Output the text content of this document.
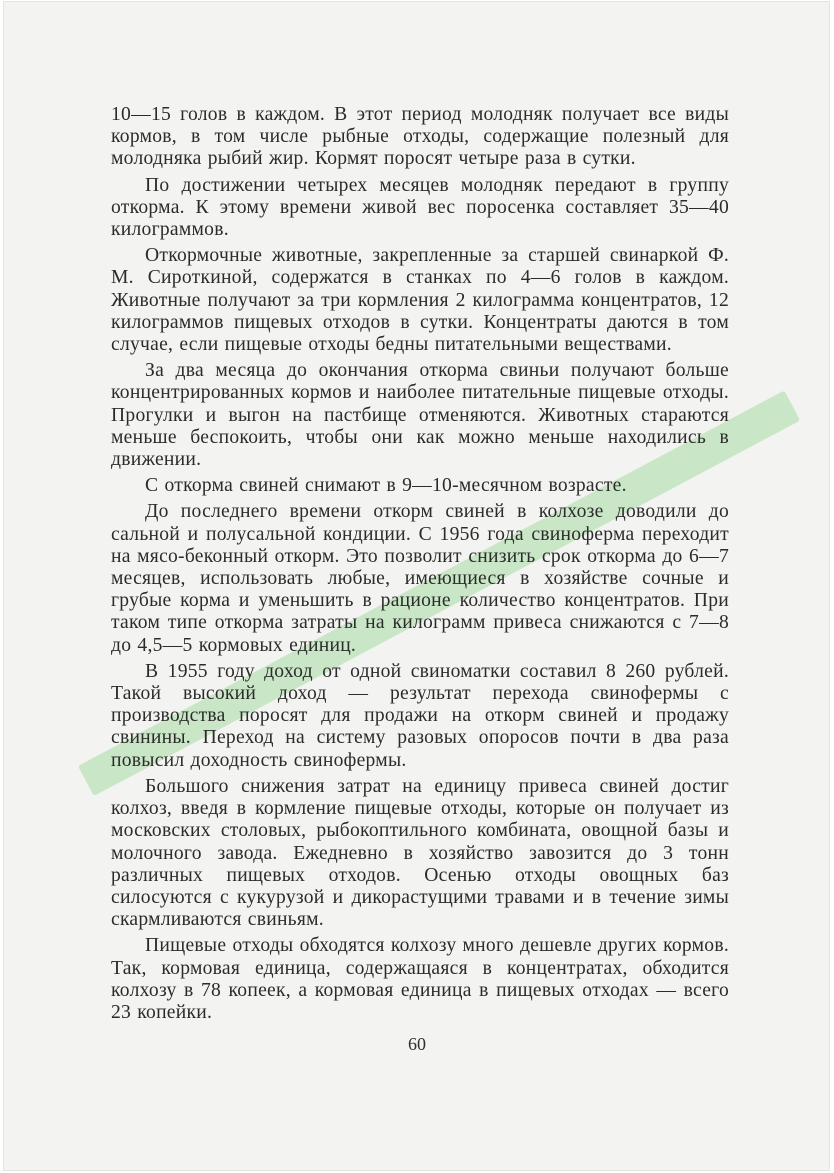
10—15 голов в каждом. В этот период молодняк получает все виды кормов, в том числе рыбные отходы, содержащие полезный для молодняка рыбий жир. Кормят поросят четыре раза в сутки.

По достижении четырех месяцев молодняк передают в группу откорма. К этому времени живой вес поросенка составляет 35—40 килограммов.

Откормочные животные, закрепленные за старшей свинаркой Ф. М. Сироткиной, содержатся в станках по 4—6 голов в каждом. Животные получают за три кормления 2 килограмма концентратов, 12 килограммов пищевых отходов в сутки. Концентраты даются в том случае, если пищевые отходы бедны питательными веществами.

За два месяца до окончания откорма свиньи получают больше концентрированных кормов и наиболее питательные пищевые отходы. Прогулки и выгон на пастбище отменяются. Животных стараются меньше беспокоить, чтобы они как можно меньше находились в движении.

С откорма свиней снимают в 9—10-месячном возрасте.

До последнего времени откорм свиней в колхозе доводили до сальной и полусальной кондиции. С 1956 года свиноферма переходит на мясо-беконный откорм. Это позволит снизить срок откорма до 6—7 месяцев, использовать любые, имеющиеся в хозяйстве сочные и грубые корма и уменьшить в рационе количество концентратов. При таком типе откорма затраты на килограмм привеса снижаются с 7—8 до 4,5—5 кормовых единиц.

В 1955 году доход от одной свиноматки составил 8 260 рублей. Такой высокий доход — результат перехода свинофермы с производства поросят для продажи на откорм свиней и продажу свинины. Переход на систему разовых опоросов почти в два раза повысил доходность свинофермы.

Большого снижения затрат на единицу привеса свиней достиг колхоз, введя в кормление пищевые отходы, которые он получает из московских столовых, рыбокоптильного комбината, овощной базы и молочного завода. Ежедневно в хозяйство завозится до 3 тонн различных пищевых отходов. Осенью отходы овощных баз силосуются с кукурузой и дикорастущими травами и в течение зимы скармливаются свиньям.

Пищевые отходы обходятся колхозу много дешевле других кормов. Так, кормовая единица, содержащаяся в концентратах, обходится колхозу в 78 копеек, а кормовая единица в пищевых отходах — всего 23 копейки.

60
